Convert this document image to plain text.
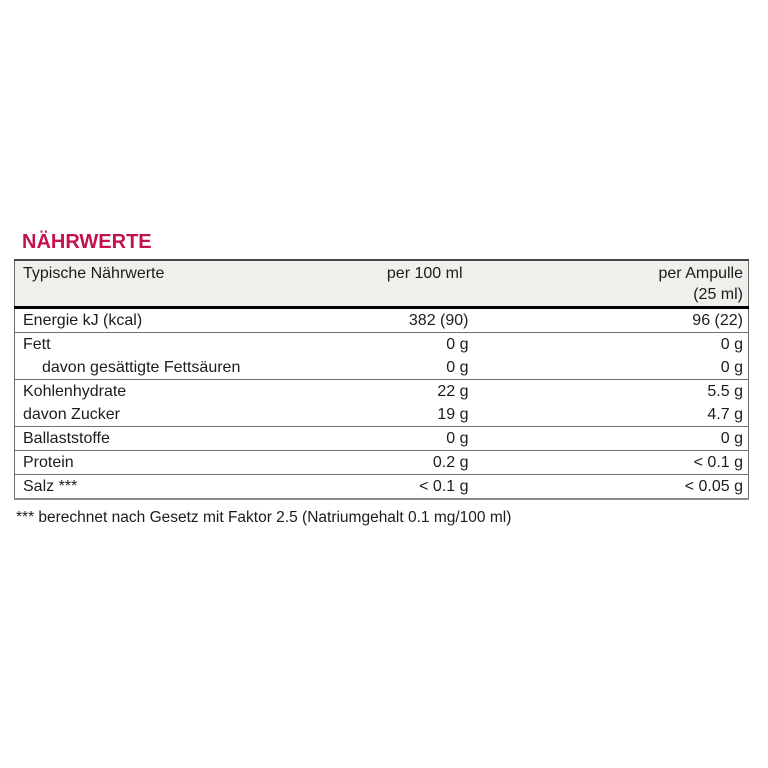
NÄHRWERTE
Typische Nährwerte	per 100 ml	per Ampulle
(25 ml)
Energie kJ (kcal)	382 (90)	96 (22)
Fett	0 g	0 g
davon gesättigte Fettsäuren	0 g	0 g
Kohlenhydrate	22 g	5.5 g
davon Zucker	19 g	4.7 g
Ballaststoffe	0 g	0 g
Protein	0.2 g	< 0.1 g
Salz ***	< 0.1 g	< 0.05 g

*** berechnet nach Gesetz mit Faktor 2.5 (Natriumgehalt 0.1 mg/100 ml)
